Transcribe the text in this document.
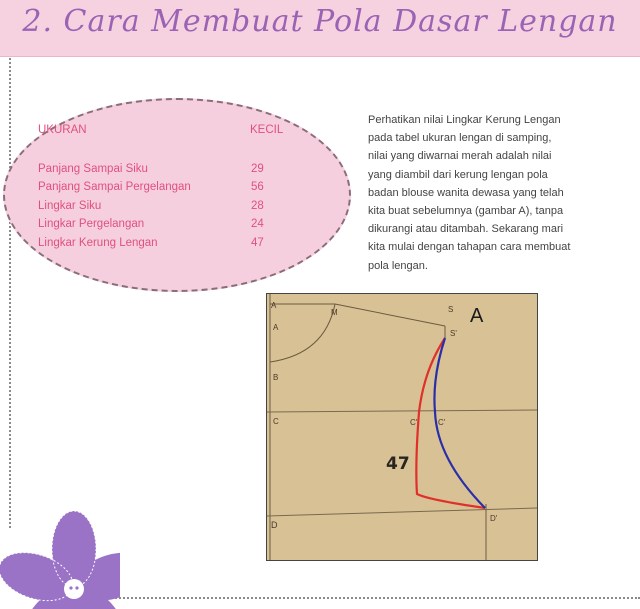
2. Cara Membuat Pola Dasar Lengan
UKURAN	KECIL
Panjang Sampai Siku	29
Panjang Sampai Pergelangan	56
Lingkar Siku	28
Lingkar Pergelangan	24
Lingkar Kerung Lengan	47
Perhatikan nilai Lingkar Kerung Lengan
pada tabel ukuran lengan di samping,
nilai yang diwarnai merah adalah nilai
yang diambil dari kerung lengan pola
badan blouse wanita dewasa yang telah
kita buat sebelumnya (gambar A), tanpa
dikurangi atau ditambah. Sekarang mari
kita mulai dengan tahapan cara membuat
pola lengan.
A
A
M	S
S'
B
C	C'	C'
D
D'
47
A
